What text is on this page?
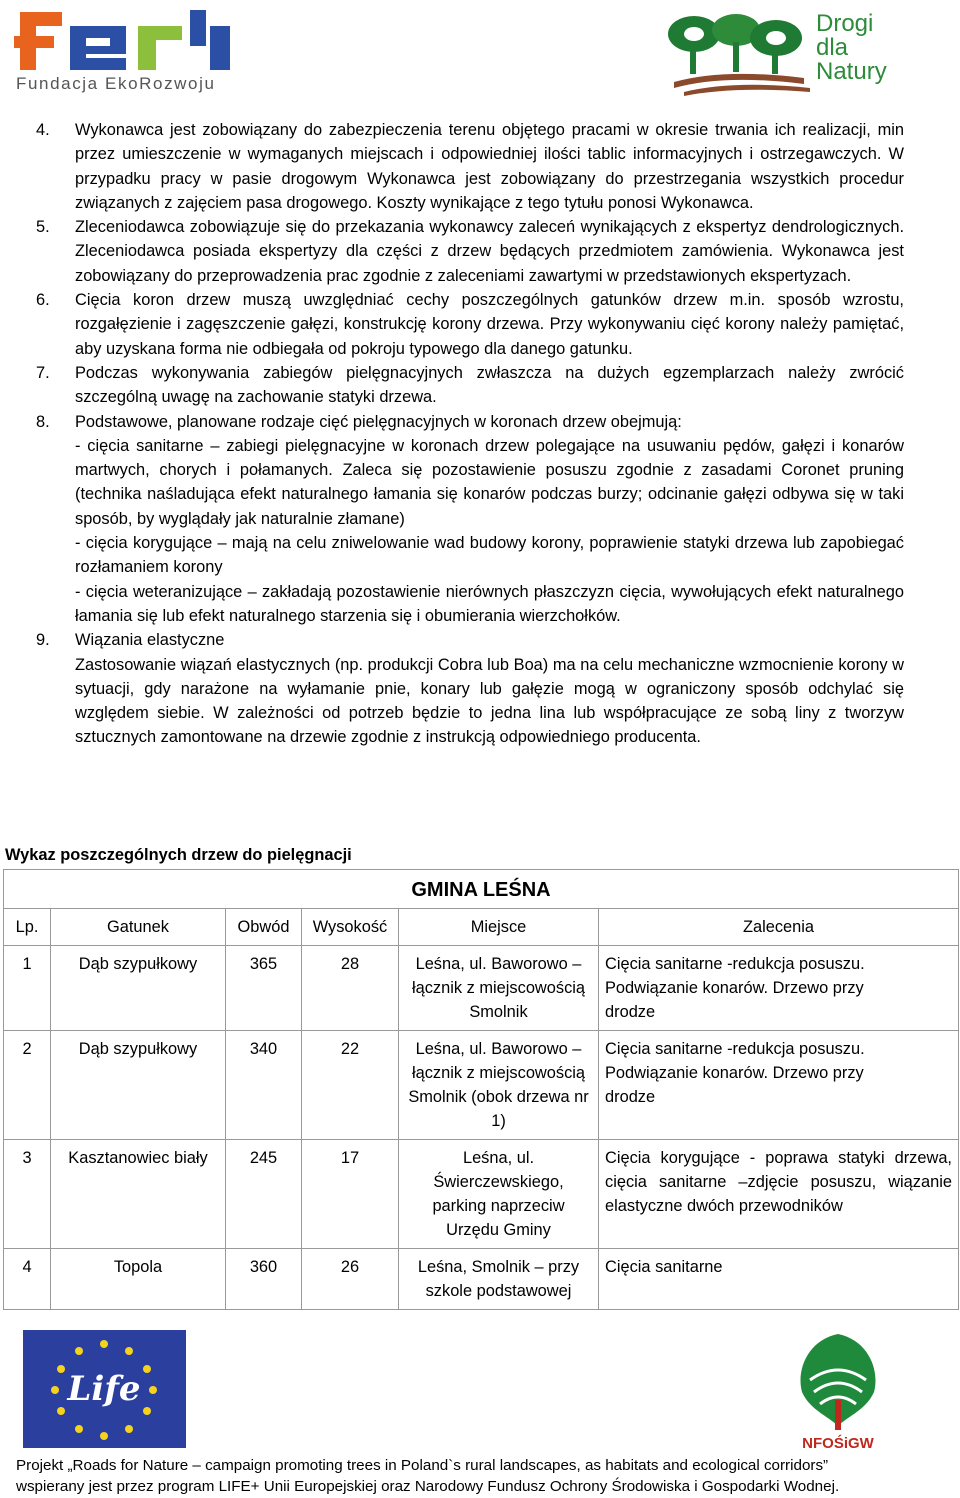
Fundacja EkoRozwoju
Drogi
dla
Natury
4. Wykonawca jest zobowiązany do zabezpieczenia terenu objętego pracami w okresie trwania ich realizacji, min przez umieszczenie w wymaganych miejscach i odpowiedniej ilości tablic informacyjnych i ostrzegawczych. W przypadku pracy w pasie drogowym Wykonawca jest zobowiązany do przestrzegania wszystkich procedur związanych z zajęciem pasa drogowego. Koszty wynikające z tego tytułu ponosi Wykonawca.
5. Zleceniodawca zobowiązuje się do przekazania wykonawcy zaleceń wynikających z ekspertyz dendrologicznych. Zleceniodawca posiada ekspertyzy dla części z drzew będących przedmiotem zamówienia. Wykonawca jest zobowiązany do przeprowadzenia prac zgodnie z zaleceniami zawartymi w przedstawionych ekspertyzach.
6. Cięcia koron drzew muszą uwzględniać cechy poszczególnych gatunków drzew m.in. sposób wzrostu, rozgałęzienie i zagęszczenie gałęzi, konstrukcję korony drzewa. Przy wykonywaniu cięć korony należy pamiętać, aby uzyskana forma nie odbiegała od pokroju typowego dla danego gatunku.
7. Podczas wykonywania zabiegów pielęgnacyjnych zwłaszcza na dużych egzemplarzach należy zwrócić szczególną uwagę na zachowanie statyki drzewa.
8. Podstawowe, planowane rodzaje cięć pielęgnacyjnych w koronach drzew obejmują:
- cięcia sanitarne – zabiegi pielęgnacyjne w koronach drzew polegające na usuwaniu pędów, gałęzi i konarów martwych, chorych i połamanych. Zaleca się pozostawienie posuszu zgodnie z zasadami Coronet pruning (technika naśladująca efekt naturalnego łamania się konarów podczas burzy; odcinanie gałęzi odbywa się w taki sposób, by wyglądały jak naturalnie złamane)
- cięcia korygujące – mają na celu zniwelowanie wad budowy korony, poprawienie statyki drzewa lub zapobiegać rozłamaniem korony
- cięcia weteranizujące – zakładają pozostawienie nierównych płaszczyzn cięcia, wywołujących efekt naturalnego łamania się lub efekt naturalnego starzenia się i obumierania wierzchołków.
9. Wiązania elastyczne
Zastosowanie wiązań elastycznych (np. produkcji Cobra lub Boa) ma na celu mechaniczne wzmocnienie korony w sytuacji, gdy narażone na wyłamanie pnie, konary lub gałęzie mogą w ograniczony sposób odchylać się względem siebie. W zależności od potrzeb będzie to jedna lina lub współpracujące ze sobą liny z tworzyw sztucznych zamontowane na drzewie zgodnie z instrukcją odpowiedniego producenta.
Wykaz poszczególnych drzew do pielęgnacji
GMINA LEŚNA					
Lp.	Gatunek	Obwód	Wysokość	Miejsce	Zalecenia
1	Dąb szypułkowy	365	28	Leśna, ul. Baworowo – łącznik z miejscowością Smolnik	Cięcia sanitarne -redukcja posuszu. Podwiązanie konarów. Drzewo przy drodze
2	Dąb szypułkowy	340	22	Leśna, ul. Baworowo – łącznik z miejscowością Smolnik (obok drzewa nr 1)	Cięcia sanitarne -redukcja posuszu. Podwiązanie konarów. Drzewo przy drodze
3	Kasztanowiec biały	245	17	Leśna, ul. Świerczewskiego, parking naprzeciw Urzędu Gminy	Cięcia korygujące - poprawa statyki drzewa, cięcia sanitarne –zdjęcie posuszu, wiązanie elastyczne dwóch przewodników
4	Topola	360	26	Leśna, Smolnik – przy szkole podstawowej	Cięcia sanitarne
Life
NFOŚiGW
Projekt „Roads for Nature – campaign promoting trees in Poland`s rural landscapes, as habitats and ecological corridors”
wspierany jest przez program LIFE+ Unii Europejskiej oraz Narodowy Fundusz Ochrony Środowiska i Gospodarki Wodnej.
